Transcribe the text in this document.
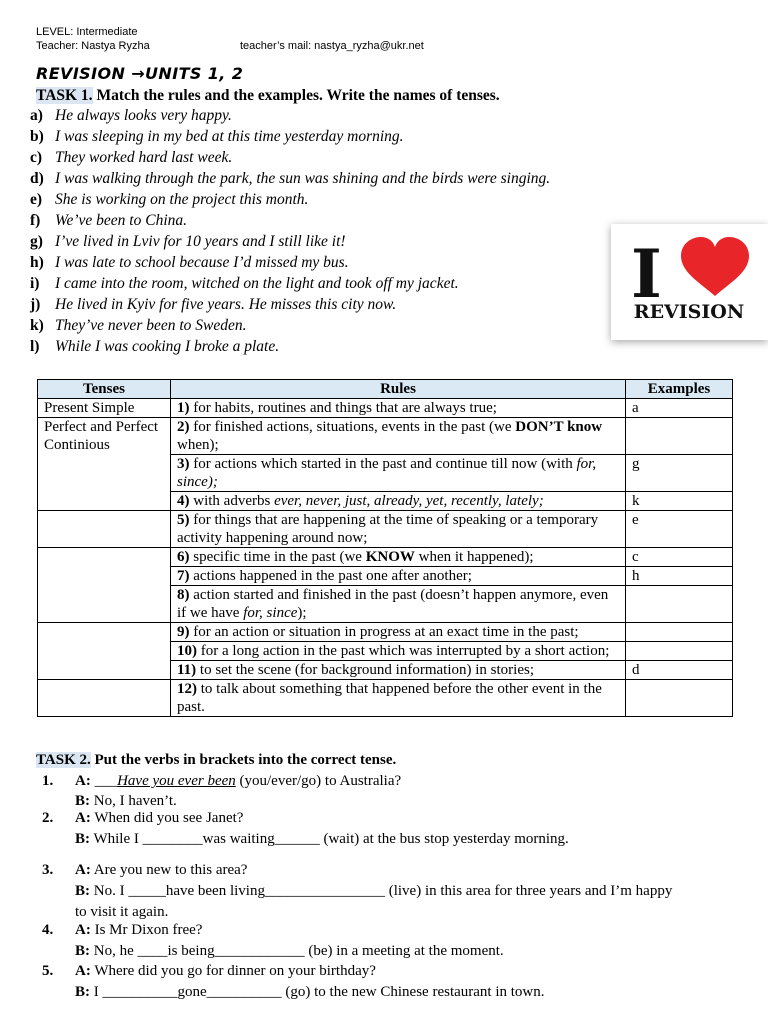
LEVEL: Intermediate
Teacher: Nastya Ryzha	teacher’s mail: nastya_ryzha@ukr.net
REVISION →UNITS 1, 2
TASK 1. Match the rules and the examples. Write the names of tenses.
a) He always looks very happy.
b) I was sleeping in my bed at this time yesterday morning.
c) They worked hard last week.
d) I was walking through the park, the sun was shining and the birds were singing.
e) She is working on the project this month.
f) We’ve been to China.
g) I’ve lived in Lviv for 10 years and I still like it!
h) I was late to school because I’d missed my bus.
i) I came into the room, witched on the light and took off my jacket.
j) He lived in Kyiv for five years. He misses this city now.
k) They’ve never been to Sweden.
l) While I was cooking I broke a plate.
I
REVISION
Tenses	Rules	Examples
Present Simple	1) for habits, routines and things that are always true;	a
Perfect and Perfect Continious	2) for finished actions, situations, events in the past (we DON’T know when);	
	3) for actions which started in the past and continue till now (with for, since);	g
	4) with adverbs ever, never, just, already, yet, recently, lately;	k
	5) for things that are happening at the time of speaking or a temporary activity happening around now;	e
	6) specific time in the past (we KNOW when it happened);	c
	7) actions happened in the past one after another;	h
	8) action started and finished in the past (doesn’t happen anymore, even if we have for, since);	
	9) for an action or situation in progress at an exact time in the past;	
	10) for a long action in the past which was interrupted by a short action;	
	11) to set the scene (for background information) in stories;	d
	12) to talk about something that happened before the other event in the past.	
TASK 2. Put the verbs in brackets into the correct tense.
1.	A: ___Have you ever been (you/ever/go) to Australia?
B: No, I haven’t.
2.	A: When did you see Janet?
B: While I ________was waiting______ (wait) at the bus stop yesterday morning.
3.	A: Are you new to this area?
B: No. I _____have been living________________ (live) in this area for three years and I’m happy
to visit it again.
4.	A: Is Mr Dixon free?
B: No, he ____is being____________ (be) in a meeting at the moment.
5.	A: Where did you go for dinner on your birthday?
B: I __________gone__________ (go) to the new Chinese restaurant in town.
